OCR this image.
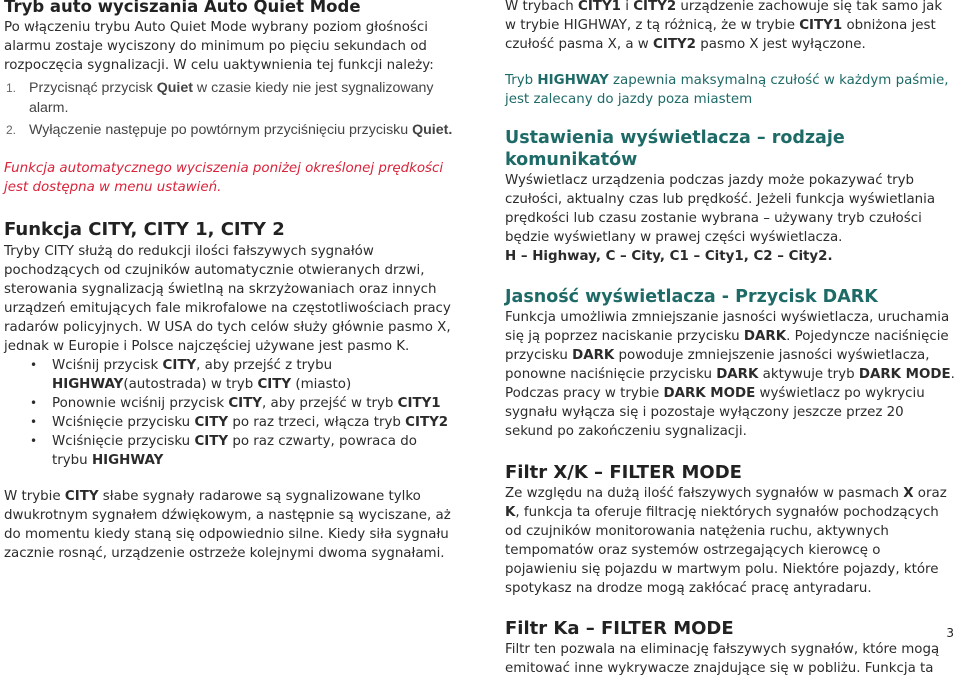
Tryb auto wyciszania Auto Quiet Mode

Po włączeniu trybu Auto Quiet Mode wybrany poziom głośności alarmu zostaje wyciszony do minimum po pięciu sekundach od rozpoczęcia sygnalizacji. W celu uaktywnienia tej funkcji należy:

1. Przycisnąć przycisk Quiet w czasie kiedy nie jest sygnalizowany alarm.
2. Wyłączenie następuje po powtórnym przyciśnięciu przycisku Quiet.

Funkcja automatycznego wyciszenia poniżej określonej prędkości jest dostępna w menu ustawień.

Funkcja CITY, CITY 1, CITY 2

Tryby CITY służą do redukcji ilości fałszywych sygnałów pochodzących od czujników automatycznie otwieranych drzwi, sterowania sygnalizacją świetlną na skrzyżowaniach oraz innych urządzeń emitujących fale mikrofalowe na częstotliwościach pracy radarów policyjnych. W USA do tych celów służy głównie pasmo X, jednak w Europie i Polsce najczęściej używane jest pasmo K.

• Wciśnij przycisk CITY, aby przejść z trybu HIGHWAY(autostrada) w tryb CITY (miasto)
• Ponownie wciśnij przycisk CITY, aby przejść w tryb CITY1
• Wciśnięcie przycisku CITY po raz trzeci, włącza tryb CITY2
• Wciśnięcie przycisku CITY po raz czwarty, powraca do trybu HIGHWAY

W trybie CITY słabe sygnały radarowe są sygnalizowane tylko dwukrotnym sygnałem dźwiękowym, a następnie są wyciszane, aż do momentu kiedy staną się odpowiednio silne. Kiedy siła sygnału zacznie rosnąć, urządzenie ostrzeże kolejnymi dwoma sygnałami.

W trybach CITY1 i CITY2 urządzenie zachowuje się tak samo jak w trybie HIGHWAY, z tą różnicą, że w trybie CITY1 obniżona jest czułość pasma X, a w CITY2 pasmo X jest wyłączone.

Tryb HIGHWAY zapewnia maksymalną czułość w każdym paśmie, jest zalecany do jazdy poza miastem

Ustawienia wyświetlacza – rodzaje komunikatów

Wyświetlacz urządzenia podczas jazdy może pokazywać tryb czułości, aktualny czas lub prędkość. Jeżeli funkcja wyświetlania prędkości lub czasu zostanie wybrana – używany tryb czułości będzie wyświetlany w prawej części wyświetlacza.

H – Highway, C – City, C1 – City1, C2 – City2.

Jasność wyświetlacza - Przycisk DARK

Funkcja umożliwia zmniejszanie jasności wyświetlacza, uruchamia się ją poprzez naciskanie przycisku DARK. Pojedyncze naciśnięcie przycisku DARK powoduje zmniejszenie jasności wyświetlacza, ponowne naciśnięcie przycisku DARK aktywuje tryb DARK MODE. Podczas pracy w trybie DARK MODE wyświetlacz po wykryciu sygnału wyłącza się i pozostaje wyłączony jeszcze przez 20 sekund po zakończeniu sygnalizacji.

Filtr X/K – FILTER MODE

Ze względu na dużą ilość fałszywych sygnałów w pasmach X oraz K, funkcja ta oferuje filtrację niektórych sygnałów pochodzących od czujników monitorowania natężenia ruchu, aktywnych tempomatów oraz systemów ostrzegających kierowcę o pojawieniu się pojazdu w martwym polu. Niektóre pojazdy, które spotykasz na drodze mogą zakłócać pracę antyradaru.

Filtr Ka – FILTER MODE

Filtr ten pozwala na eliminację fałszywych sygnałów, które mogą emitować inne wykrywacze znajdujące się w pobliżu. Funkcja ta

3
